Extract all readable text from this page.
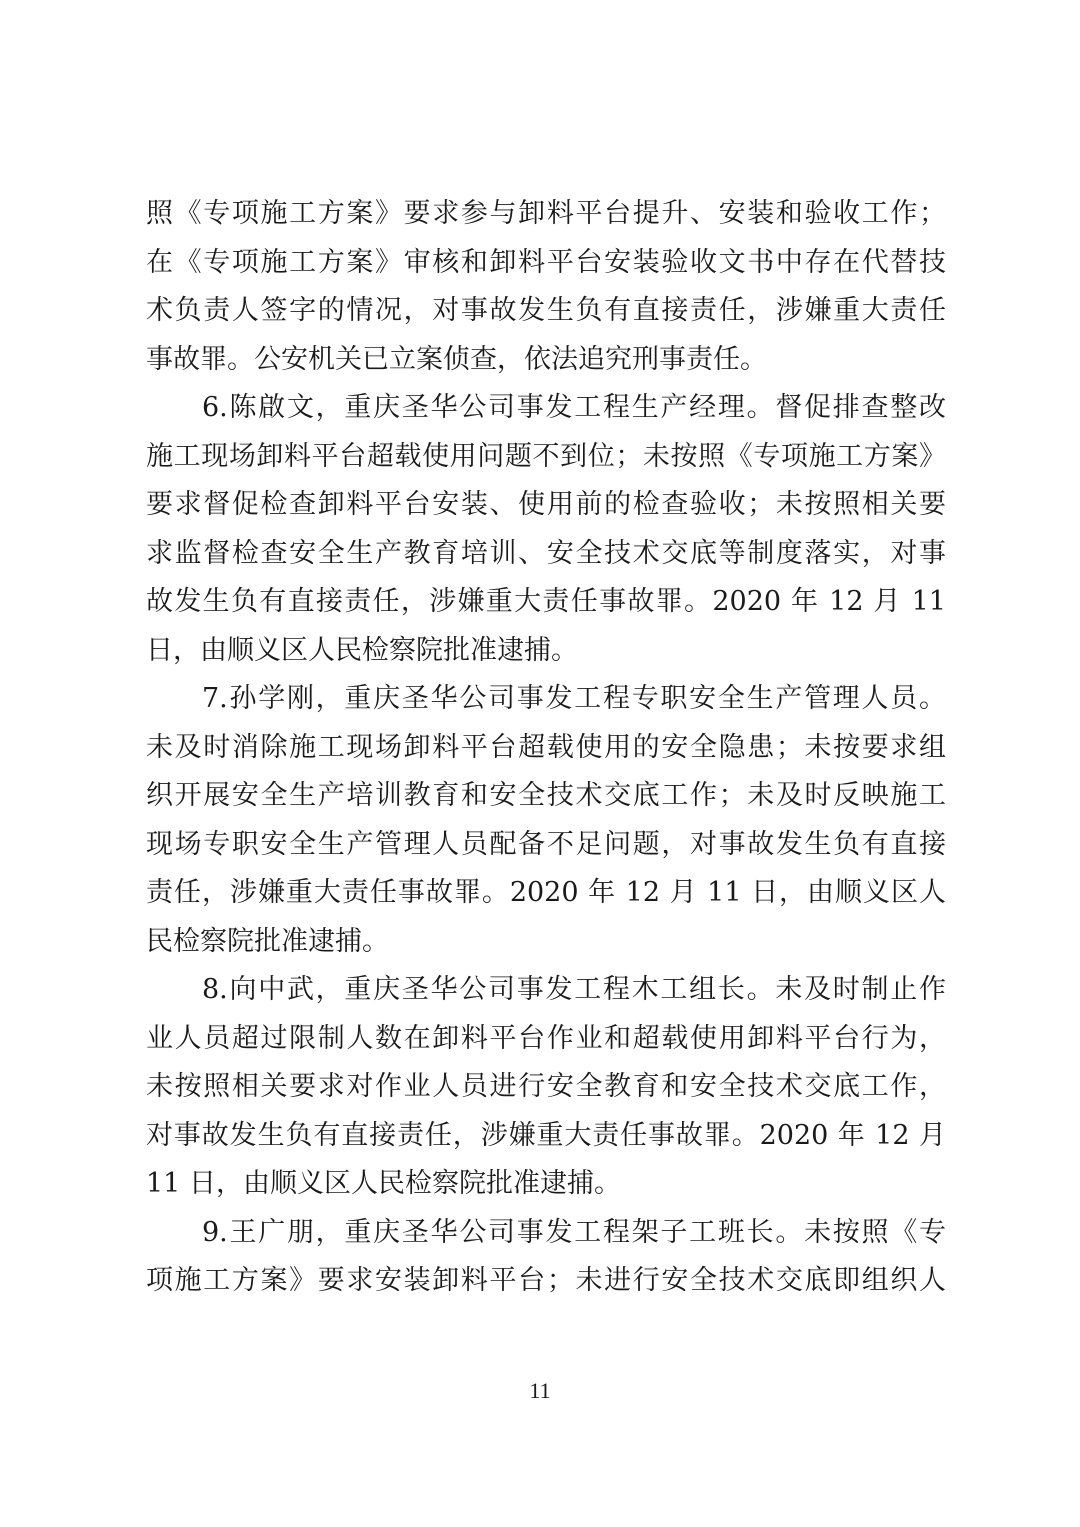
照《专项施工方案》要求参与卸料平台提升、安装和验收工作；
在《专项施工方案》审核和卸料平台安装验收文书中存在代替技
术负责人签字的情况，对事故发生负有直接责任，涉嫌重大责任
事故罪。公安机关已立案侦查，依法追究刑事责任。
6.陈啟文，重庆圣华公司事发工程生产经理。督促排查整改
施工现场卸料平台超载使用问题不到位；未按照《专项施工方案》
要求督促检查卸料平台安装、使用前的检查验收；未按照相关要
求监督检查安全生产教育培训、安全技术交底等制度落实，对事
故发生负有直接责任，涉嫌重大责任事故罪。2020 年 12 月 11
日，由顺义区人民检察院批准逮捕。
7.孙学刚，重庆圣华公司事发工程专职安全生产管理人员。
未及时消除施工现场卸料平台超载使用的安全隐患；未按要求组
织开展安全生产培训教育和安全技术交底工作；未及时反映施工
现场专职安全生产管理人员配备不足问题，对事故发生负有直接
责任，涉嫌重大责任事故罪。2020 年 12 月 11 日，由顺义区人
民检察院批准逮捕。
8.向中武，重庆圣华公司事发工程木工组长。未及时制止作
业人员超过限制人数在卸料平台作业和超载使用卸料平台行为，
未按照相关要求对作业人员进行安全教育和安全技术交底工作，
对事故发生负有直接责任，涉嫌重大责任事故罪。2020 年 12 月
11 日，由顺义区人民检察院批准逮捕。
9.王广朋，重庆圣华公司事发工程架子工班长。未按照《专
项施工方案》要求安装卸料平台；未进行安全技术交底即组织人
11
